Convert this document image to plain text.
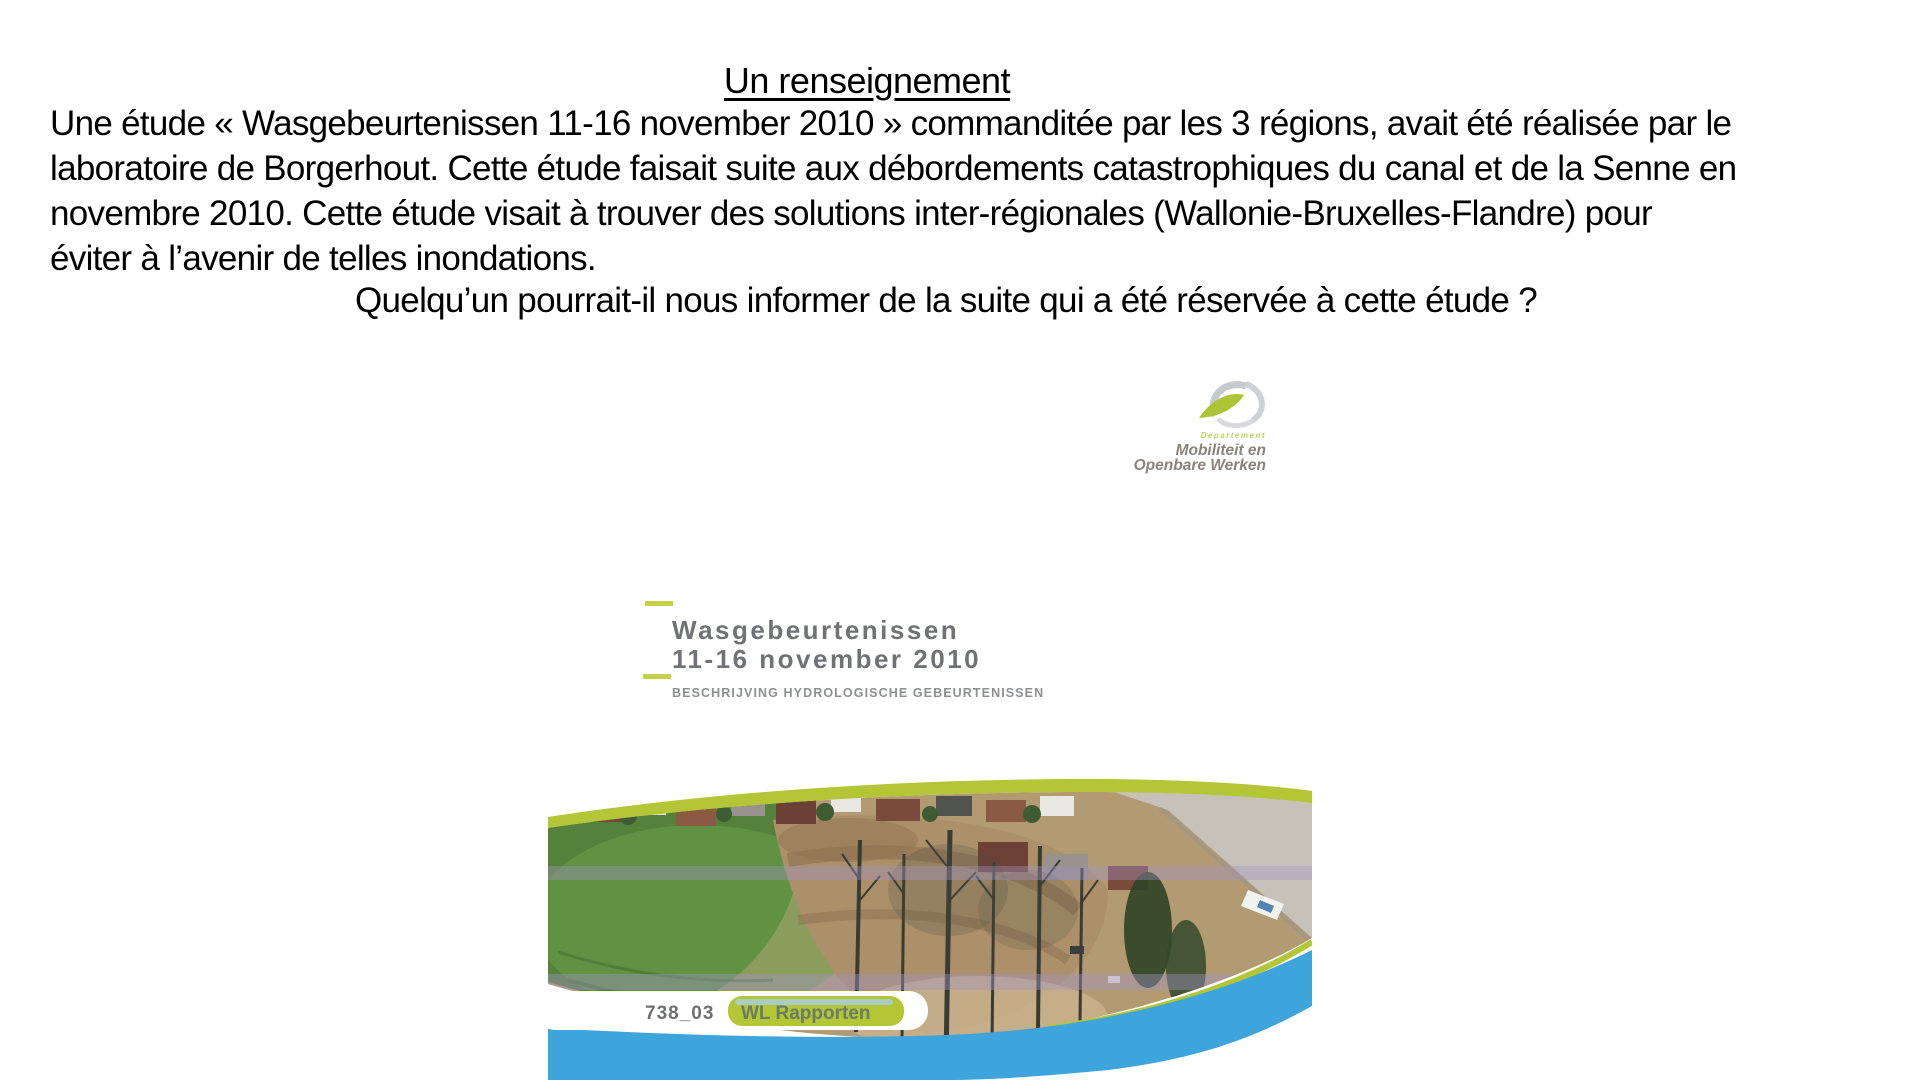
Un renseignement
Une étude « Wasgebeurtenissen 11-16 november 2010 » commanditée par les 3 régions, avait été réalisée par le
laboratoire de Borgerhout. Cette étude faisait suite aux débordements catastrophiques du canal et de la Senne en
novembre 2010. Cette étude visait à trouver des solutions inter-régionales (Wallonie-Bruxelles-Flandre) pour
éviter à l’avenir de telles inondations.
Quelqu’un pourrait-il nous informer de la suite qui a été réservée à cette étude ?
Departement
Mobiliteit en
Openbare Werken
Wasgebeurtenissen
11-16 november 2010
BESCHRIJVING HYDROLOGISCHE GEBEURTENISSEN
738_03 WL Rapporten
